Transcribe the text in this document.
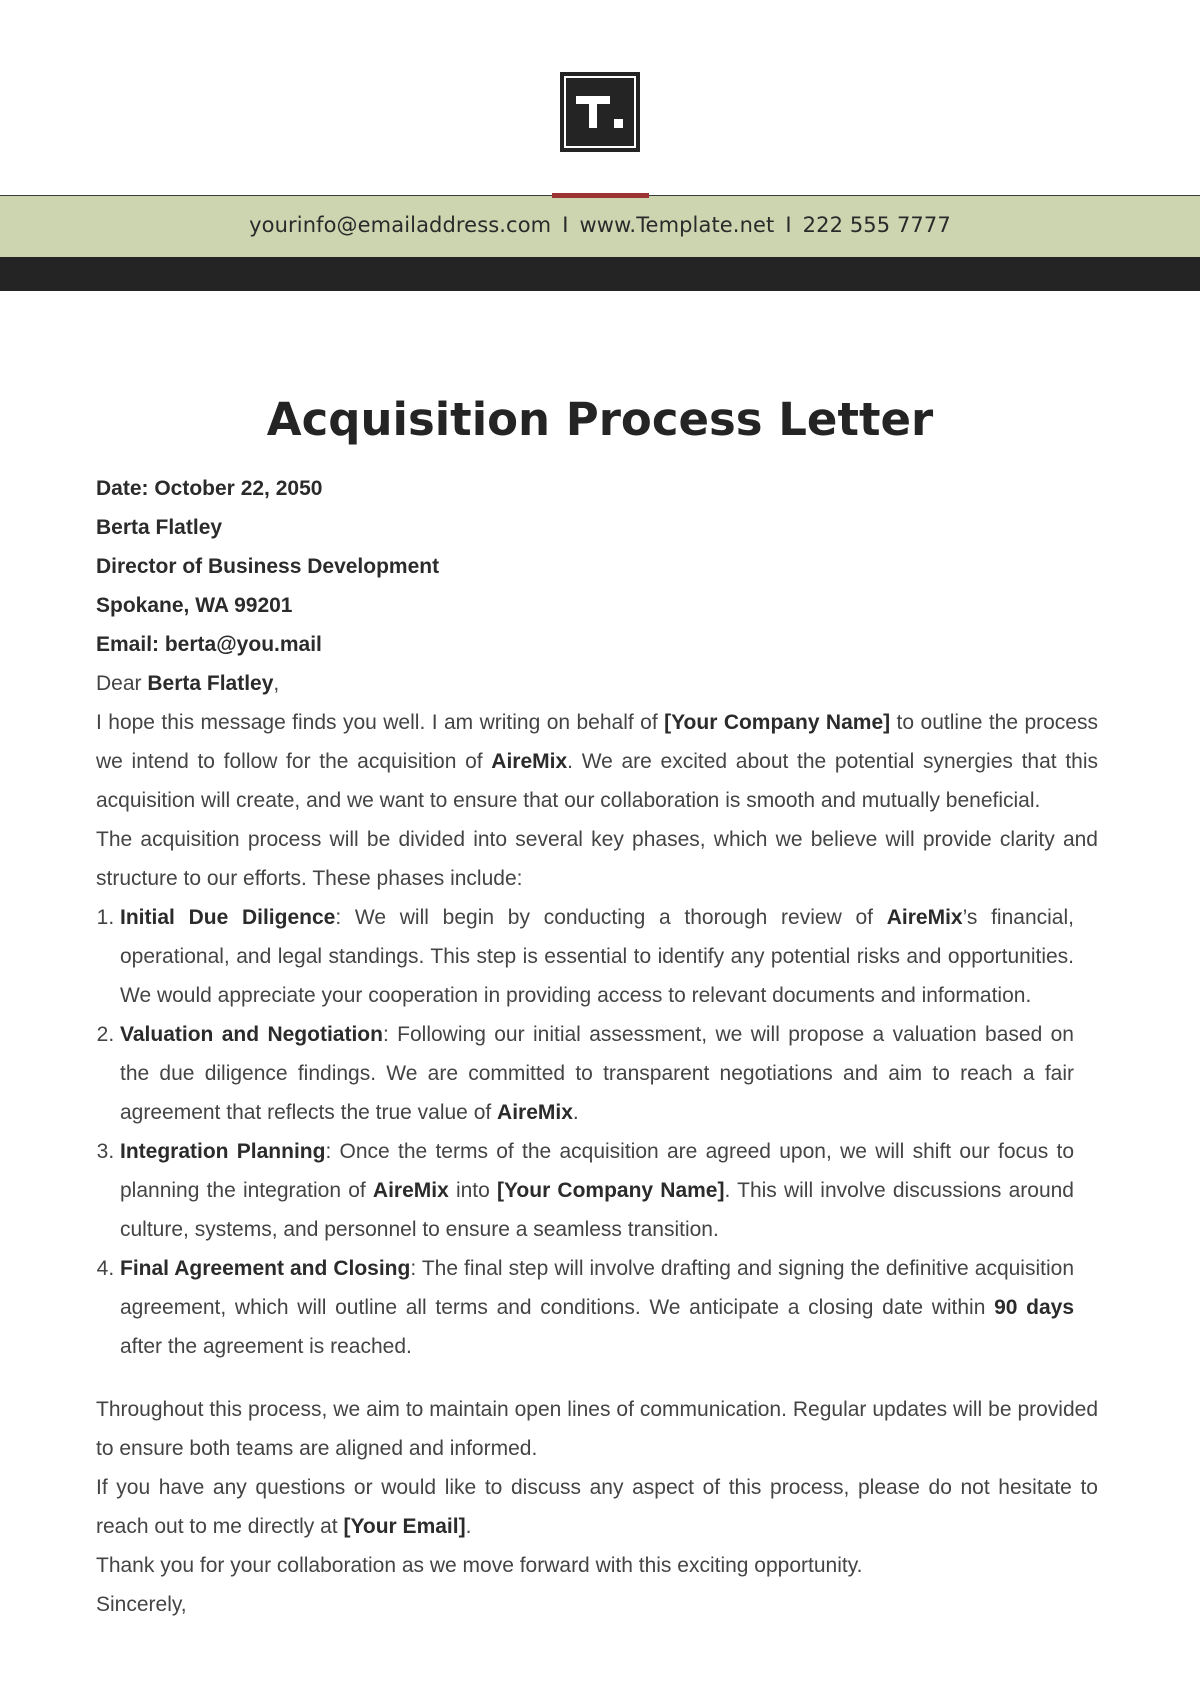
yourinfo@emailaddress.com I www.Template.net I 222 555 7777
Acquisition Process Letter

Date: October 22, 2050

Berta Flatley

Director of Business Development

Spokane, WA 99201

Email: berta@you.mail

Dear Berta Flatley,

I hope this message finds you well. I am writing on behalf of [Your Company Name] to outline the process we intend to follow for the acquisition of AireMix. We are excited about the potential synergies that this acquisition will create, and we want to ensure that our collaboration is smooth and mutually beneficial.

The acquisition process will be divided into several key phases, which we believe will provide clarity and structure to our efforts. These phases include:

1. Initial Due Diligence: We will begin by conducting a thorough review of AireMix’s financial, operational, and legal standings. This step is essential to identify any potential risks and opportunities. We would appreciate your cooperation in providing access to relevant documents and information.
2. Valuation and Negotiation: Following our initial assessment, we will propose a valuation based on the due diligence findings. We are committed to transparent negotiations and aim to reach a fair agreement that reflects the true value of AireMix.
3. Integration Planning: Once the terms of the acquisition are agreed upon, we will shift our focus to planning the integration of AireMix into [Your Company Name]. This will involve discussions around culture, systems, and personnel to ensure a seamless transition.
4. Final Agreement and Closing: The final step will involve drafting and signing the definitive acquisition agreement, which will outline all terms and conditions. We anticipate a closing date within 90 days after the agreement is reached.

Throughout this process, we aim to maintain open lines of communication. Regular updates will be provided to ensure both teams are aligned and informed.

If you have any questions or would like to discuss any aspect of this process, please do not hesitate to reach out to me directly at [Your Email].

Thank you for your collaboration as we move forward with this exciting opportunity.

Sincerely,
